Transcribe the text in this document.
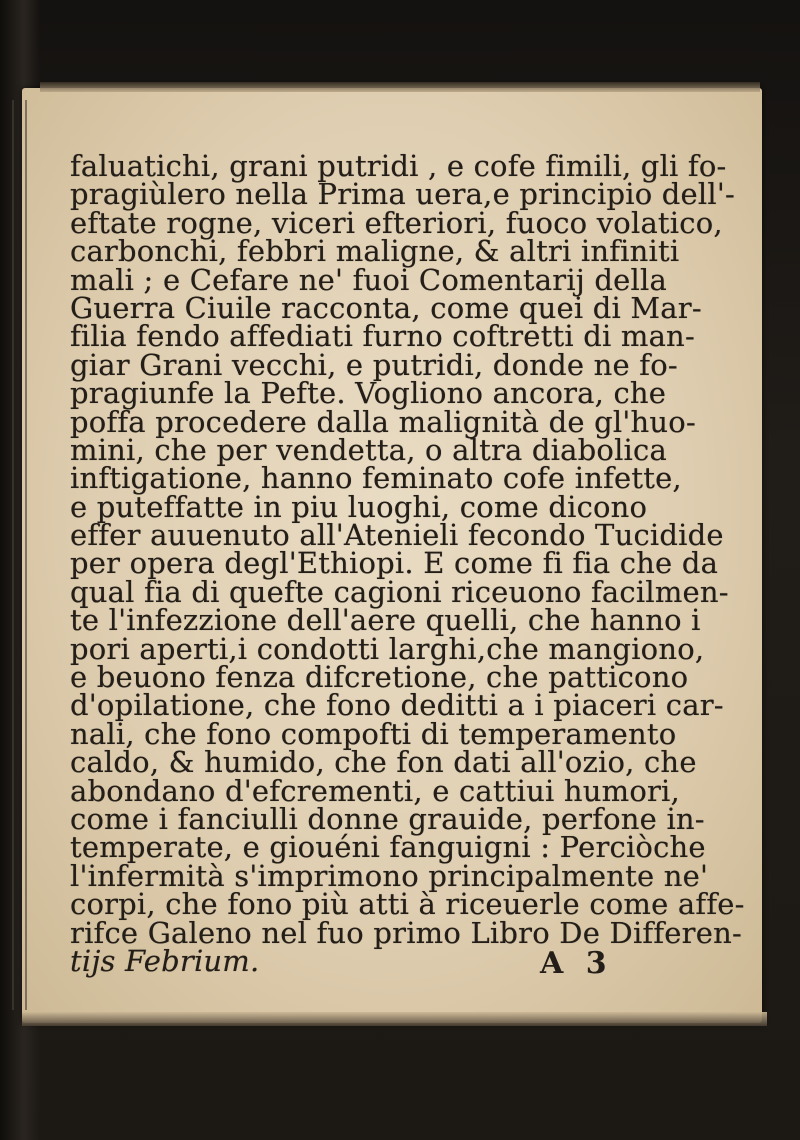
faluatichi, grani putridi , e cofe fimili, gli fo-
pragiùlero nella Prima uera,e principio dell'-
eftate rogne, viceri efteriori, fuoco volatico,
carbonchi, febbri maligne, & altri infiniti
mali ; e Cefare ne' fuoi Comentarij della
Guerra Ciuile racconta, come quei di Mar-
filia fendo affediati furno coftretti di man-
giar Grani vecchi, e putridi, donde ne fo-
pragiunfe la Pefte. Vogliono ancora, che
poffa procedere dalla malignità de gl'huo-
mini, che per vendetta, o altra diabolica
inftigatione, hanno feminato cofe infette,
e puteffatte in piu luoghi, come dicono
effer auuenuto all'Atenieli fecondo Tucidide
per opera degl'Ethiopi. E come fi fia che da
qual fia di quefte cagioni riceuono facilmen-
te l'infezzione dell'aere quelli, che hanno i
pori aperti,i condotti larghi,che mangiono,
e beuono fenza difcretione, che patticono
d'opilatione, che fono deditti a i piaceri car-
nali, che fono compofti di temperamento
caldo, & humido, che fon dati all'ozio, che
abondano d'efcrementi, e cattiui humori,
come i fanciulli donne grauide, perfone in-
temperate, e giouéni fanguigni : Perciòche
l'infermità s'imprimono principalmente ne'
corpi, che fono più atti à riceuerle come affe-
rifce Galeno nel fuo primo Libro De Differen-
tijs Febrium.	A 3
